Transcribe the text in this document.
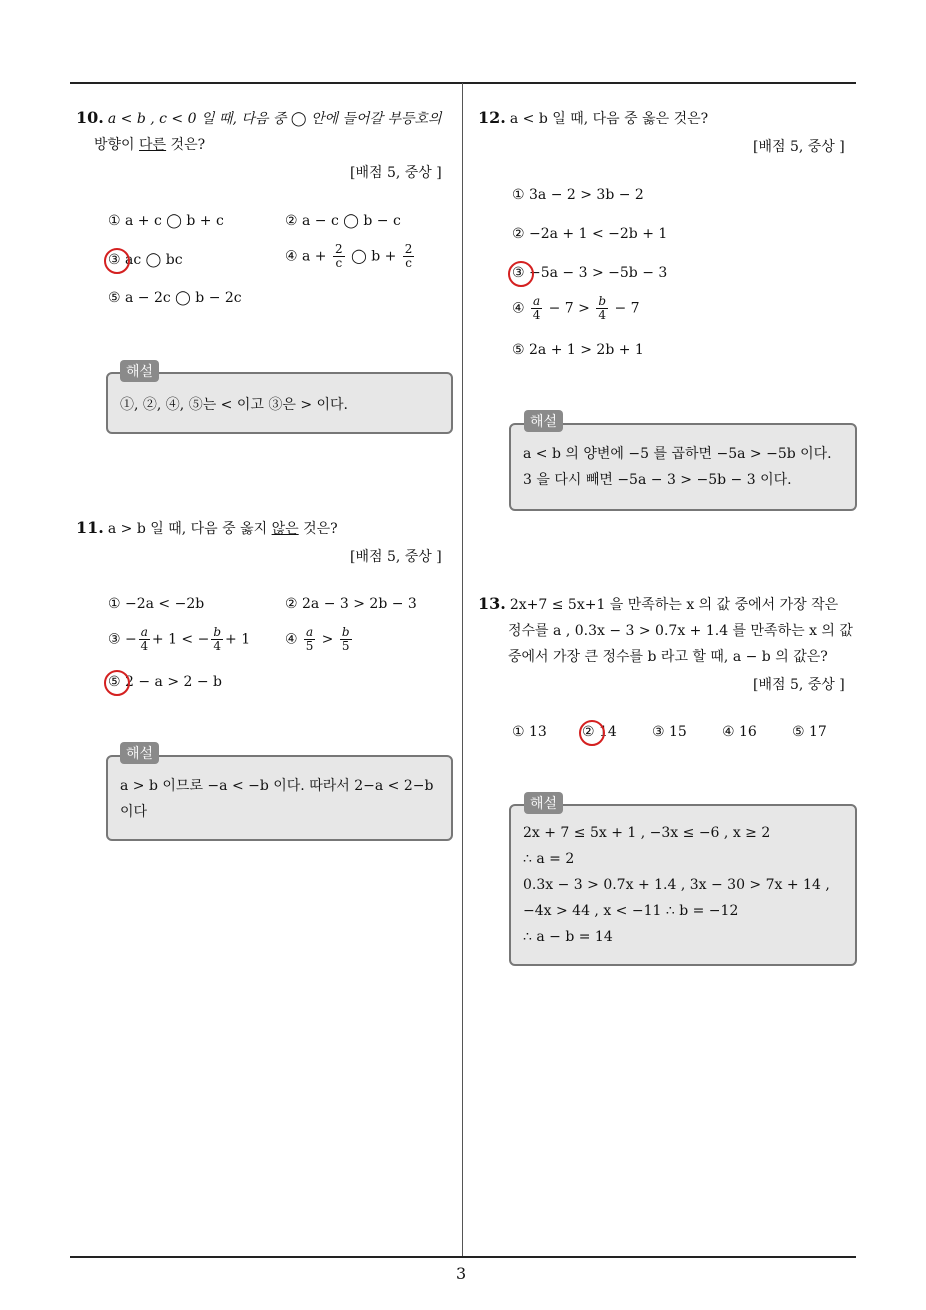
3
10. a < b , c < 0 일 때, 다음 중 ◯ 안에 들어갈 부등호의
방향이 다른 것은?
[배점 5, 중상 ]
① a + c ◯ b + c	② a − c ◯ b − c
③ ac ◯ bc	④ $a + \frac{2}{c}$ ◯ $b + \frac{2}{c}$
⑤ a − 2c ◯ b − 2c
①, ②, ④, ⑤는 < 이고 ③은 > 이다.
해설
11. a > b 일 때, 다음 중 옳지 않은 것은?
[배점 5, 중상 ]
① −2a < −2b	② 2a − 3 > 2b − 3
③ − $\frac{a}{4} + 1$ < − $\frac{b}{4} + 1$ ④ $\frac{a}{5} > \frac{b}{5}$
⑤ 2 − a > 2 − b
a > b 이므로 −a < −b 이다. 따라서 2−a < 2−b
이다
해설
12. a < b 일 때, 다음 중 옳은 것은?
[배점 5, 중상 ]
① 3a − 2 > 3b − 2
② −2a + 1 < −2b + 1
③ −5a − 3 > −5b − 3
④ $\frac{a}{4} - 7 > \frac{b}{4} - 7$
⑤ 2a + 1 > 2b + 1
a < b 의 양변에 −5 를 곱하면 −5a > −5b 이다.
3 을 다시 빼면 −5a − 3 > −5b − 3 이다.
해설
13. 2x+7 ≤ 5x+1 을 만족하는 x 의 값 중에서 가장 작은
정수를 a , 0.3x − 3 > 0.7x + 1.4 를 만족하는 x 의 값
중에서 가장 큰 정수를 b 라고 할 때, a − b 의 값은?
[배점 5, 중상 ]
① 13	② 14	③ 15	④ 16	⑤ 17
2x + 7 ≤ 5x + 1 , −3x ≤ −6 , x ≥ 2
∴ a = 2
0.3x − 3 > 0.7x + 1.4 , 3x − 30 > 7x + 14 ,
−4x > 44 , x < −11 ∴ b = −12
∴ a − b = 14
해설
